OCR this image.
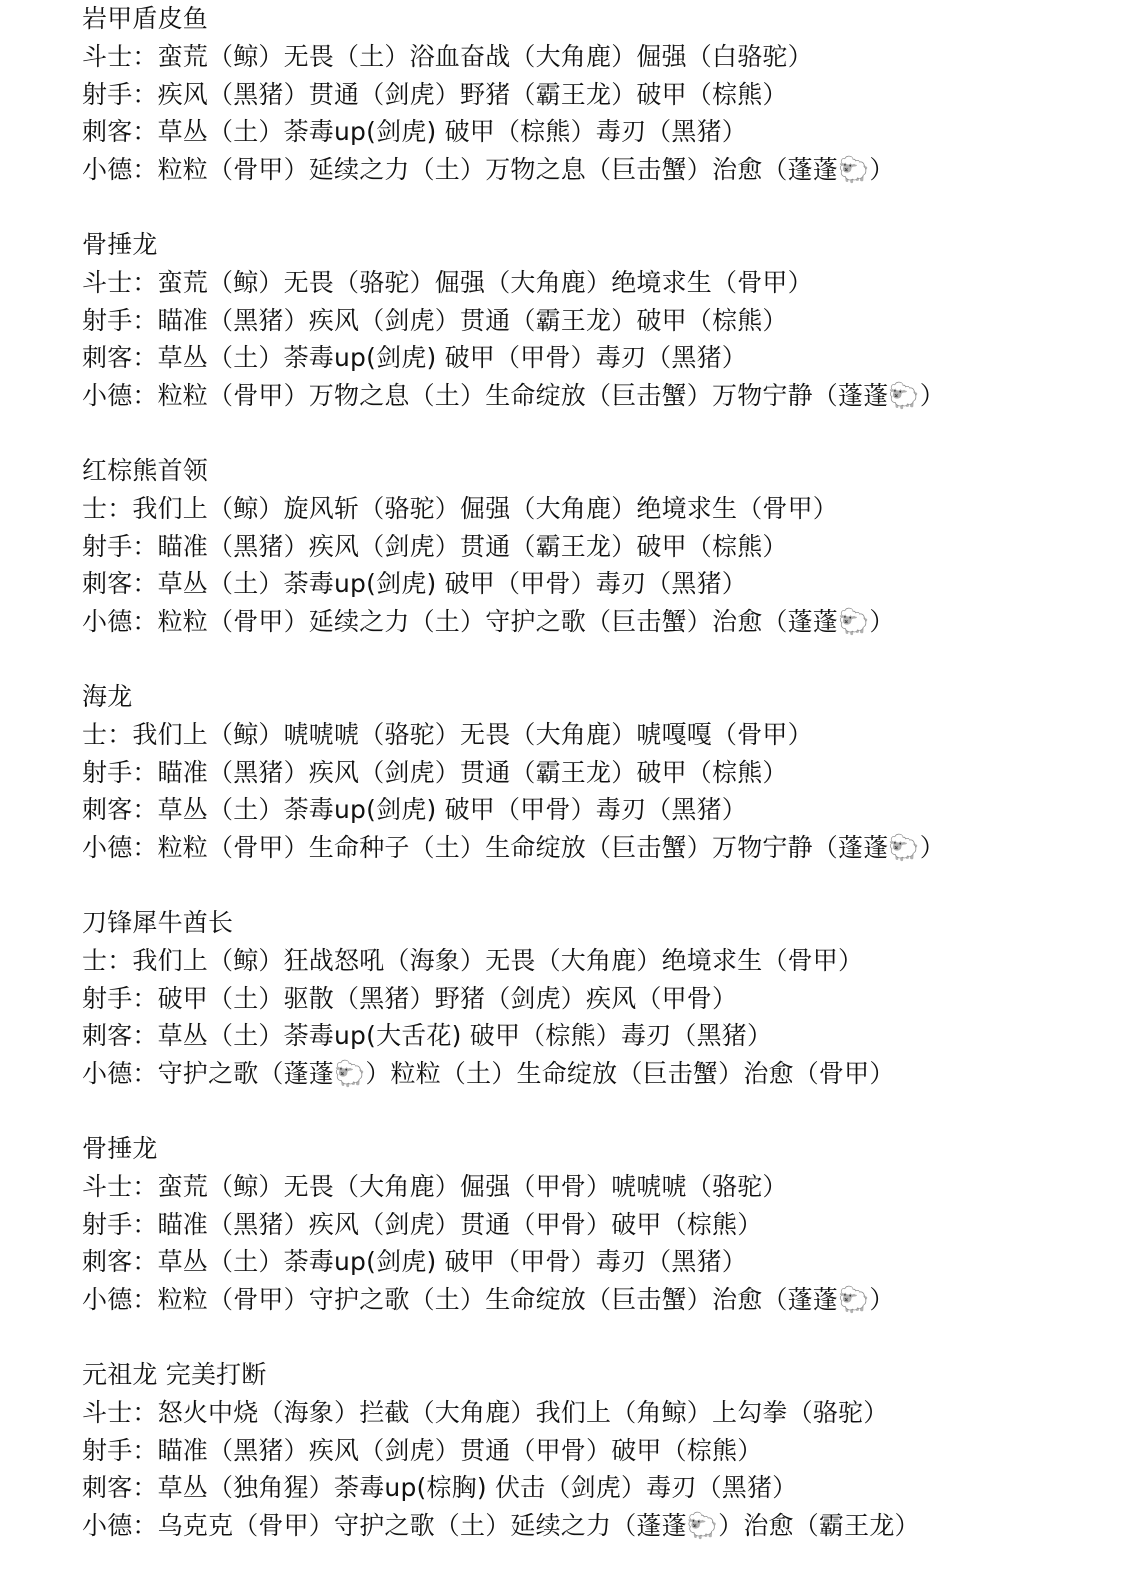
岩甲盾皮鱼
斗士：蛮荒（鲸）无畏（土）浴血奋战（大角鹿）倔强（白骆驼）
射手：疾风（黑猪）贯通（剑虎）野猪（霸王龙）破甲（棕熊）
刺客：草丛（土）荼毒up(剑虎) 破甲（棕熊）毒刃（黑猪）
小德：粒粒（骨甲）延续之力（土）万物之息（巨击蟹）治愈（蓬蓬🐑）
骨捶龙
斗士：蛮荒（鲸）无畏（骆驼）倔强（大角鹿）绝境求生（骨甲）
射手：瞄准（黑猪）疾风（剑虎）贯通（霸王龙）破甲（棕熊）
刺客：草丛（土）荼毒up(剑虎) 破甲（甲骨）毒刃（黑猪）
小德：粒粒（骨甲）万物之息（土）生命绽放（巨击蟹）万物宁静（蓬蓬🐑）
红棕熊首领
士：我们上（鲸）旋风斩（骆驼）倔强（大角鹿）绝境求生（骨甲）
射手：瞄准（黑猪）疾风（剑虎）贯通（霸王龙）破甲（棕熊）
刺客：草丛（土）荼毒up(剑虎) 破甲（甲骨）毒刃（黑猪）
小德：粒粒（骨甲）延续之力（土）守护之歌（巨击蟹）治愈（蓬蓬🐑）
海龙
士：我们上（鲸）唬唬唬（骆驼）无畏（大角鹿）唬嘎嘎（骨甲）
射手：瞄准（黑猪）疾风（剑虎）贯通（霸王龙）破甲（棕熊）
刺客：草丛（土）荼毒up(剑虎) 破甲（甲骨）毒刃（黑猪）
小德：粒粒（骨甲）生命种子（土）生命绽放（巨击蟹）万物宁静（蓬蓬🐑）
刀锋犀牛酋长
士：我们上（鲸）狂战怒吼（海象）无畏（大角鹿）绝境求生（骨甲）
射手：破甲（土）驱散（黑猪）野猪（剑虎）疾风（甲骨）
刺客：草丛（土）荼毒up(大舌花) 破甲（棕熊）毒刃（黑猪）
小德：守护之歌（蓬蓬🐑）粒粒（土）生命绽放（巨击蟹）治愈（骨甲）
骨捶龙
斗士：蛮荒（鲸）无畏（大角鹿）倔强（甲骨）唬唬唬（骆驼）
射手：瞄准（黑猪）疾风（剑虎）贯通（甲骨）破甲（棕熊）
刺客：草丛（土）荼毒up(剑虎) 破甲（甲骨）毒刃（黑猪）
小德：粒粒（骨甲）守护之歌（土）生命绽放（巨击蟹）治愈（蓬蓬🐑）
元祖龙 完美打断
斗士：怒火中烧（海象）拦截（大角鹿）我们上（角鲸）上勾拳（骆驼）
射手：瞄准（黑猪）疾风（剑虎）贯通（甲骨）破甲（棕熊）
刺客：草丛（独角猩）荼毒up(棕胸) 伏击（剑虎）毒刃（黑猪）
小德：乌克克（骨甲）守护之歌（土）延续之力（蓬蓬🐑）治愈（霸王龙）
